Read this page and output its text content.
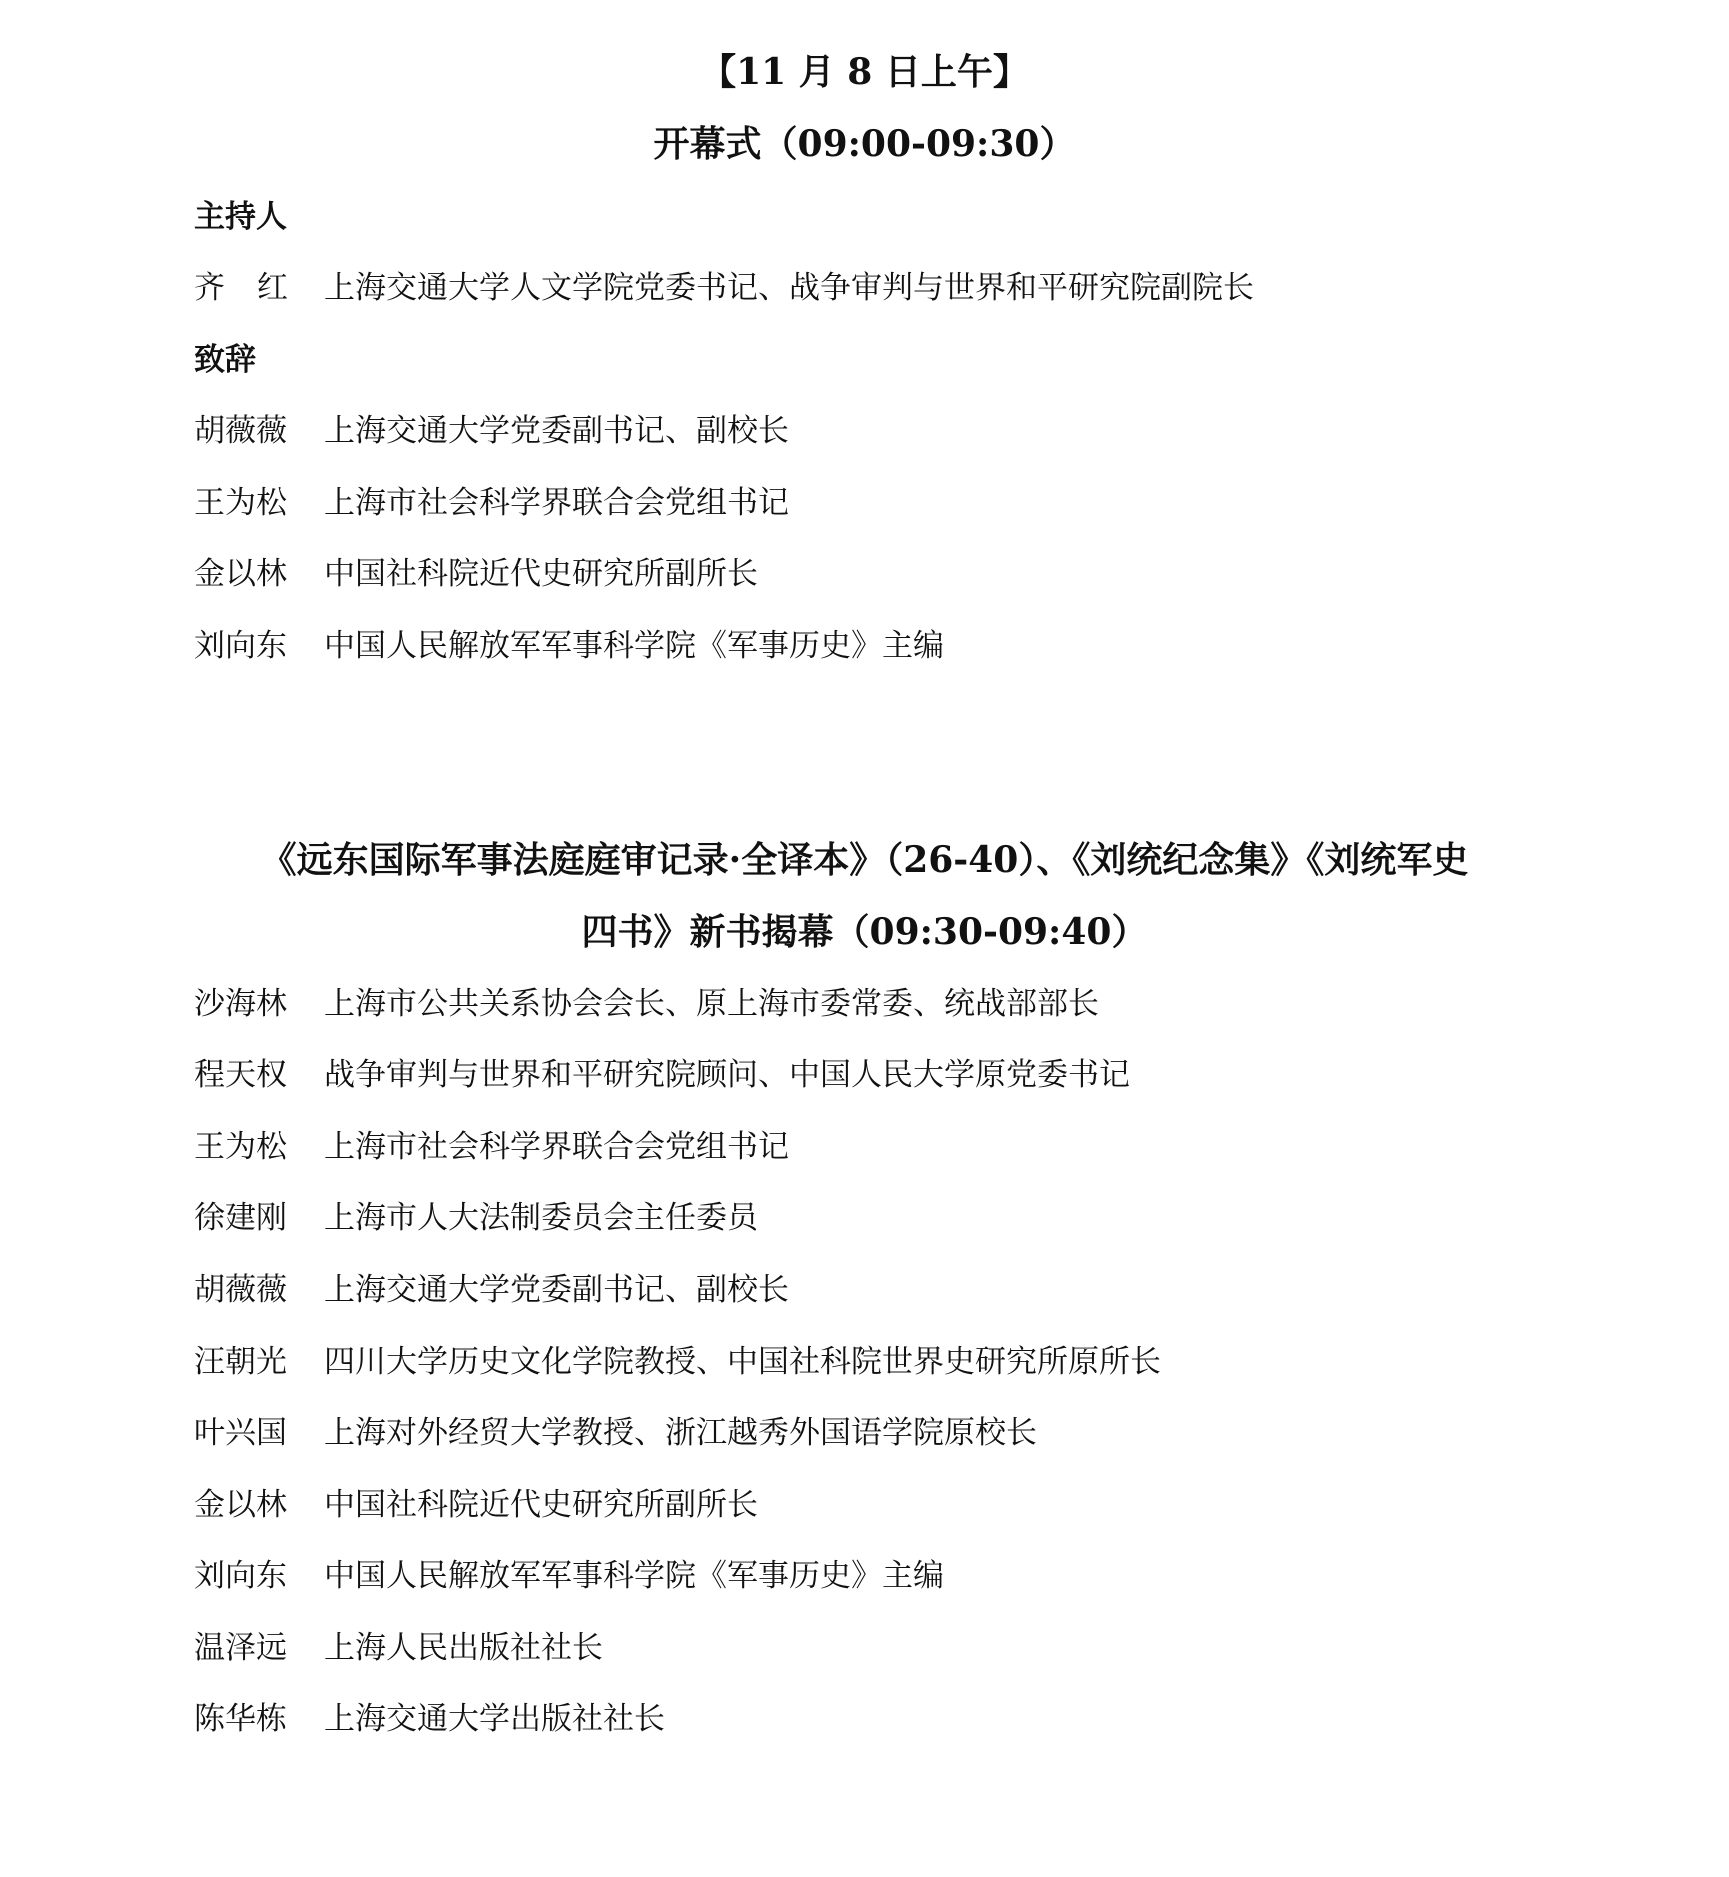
【11 月 8 日上午】
开幕式（09:00-09:30）
主持人
齐红 上海交通大学人文学院党委书记、战争审判与世界和平研究院副院长
致辞
胡薇薇	上海交通大学党委副书记、副校长
王为松	上海市社会科学界联合会党组书记
金以林	中国社科院近代史研究所副所长
刘向东	中国人民解放军军事科学院《军事历史》主编
《远东国际军事法庭庭审记录·全译本》（26-40）、《刘统纪念集》《刘统军史
四书》新书揭幕（09:30-09:40）
沙海林	上海市公共关系协会会长、原上海市委常委、统战部部长
程天权	战争审判与世界和平研究院顾问、中国人民大学原党委书记
王为松	上海市社会科学界联合会党组书记
徐建刚	上海市人大法制委员会主任委员
胡薇薇	上海交通大学党委副书记、副校长
汪朝光	四川大学历史文化学院教授、中国社科院世界史研究所原所长
叶兴国	上海对外经贸大学教授、浙江越秀外国语学院原校长
金以林	中国社科院近代史研究所副所长
刘向东	中国人民解放军军事科学院《军事历史》主编
温泽远	上海人民出版社社长
陈华栋	上海交通大学出版社社长
